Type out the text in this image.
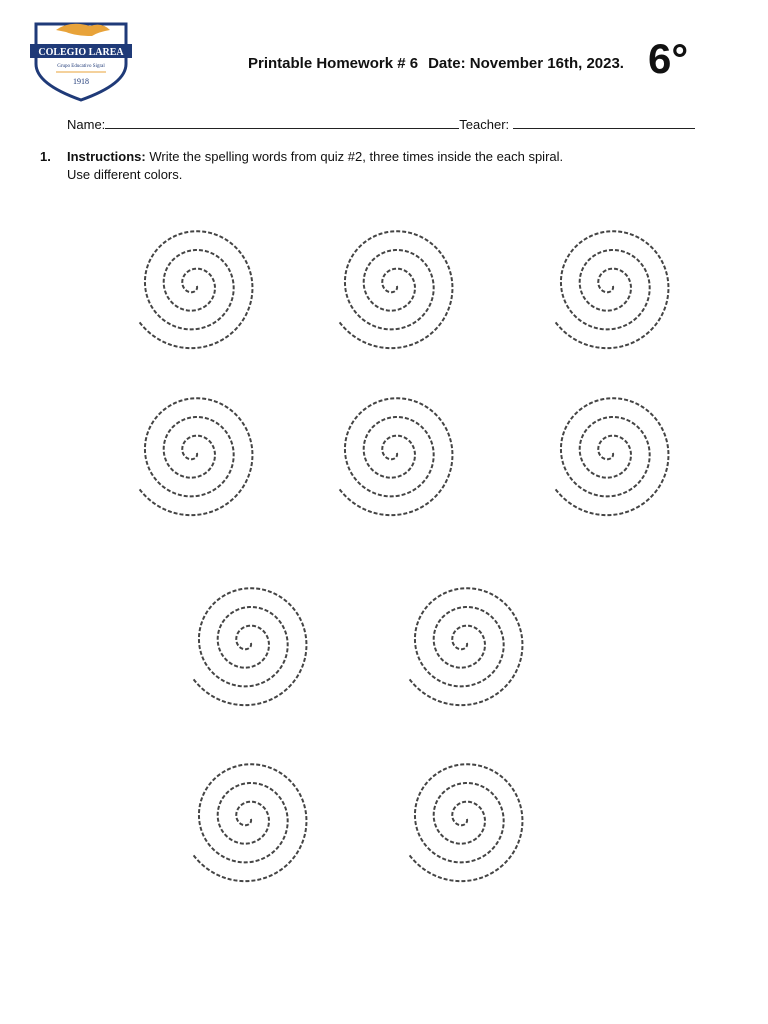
COLEGIO LAREA
Grupo Educativo Sigral
1918
Printable Homework # 6 Date: November 16th, 2023. 6°
Name:	Teacher:
1. Instructions: Write the spelling words from quiz #2, three times inside the each spiral.
Use different colors.
